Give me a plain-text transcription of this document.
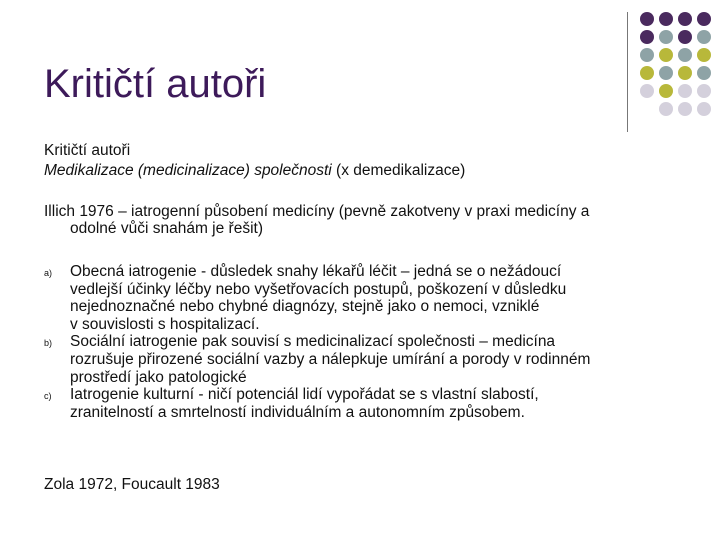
Kritičtí autoři
Kritičtí autoři
Medikalizace (medicinalizace) společnosti (x demedikalizace)
Illich 1976 – iatrogenní působení medicíny (pevně zakotveny v praxi medicíny a
odolné vůči snahám je řešit)
a) Obecná iatrogenie - důsledek snahy lékařů léčit – jedná se o nežádoucí
vedlejší účinky léčby nebo vyšetřovacích postupů, poškození v důsledku
nejednoznačné nebo chybné diagnózy, stejně jako o nemoci, vzniklé
v souvislosti s hospitalizací.
b) Sociální iatrogenie pak souvisí s medicinalizací společnosti – medicína
rozrušuje přirozené sociální vazby a nálepkuje umírání a porody v rodinném
prostředí jako patologické
c) Iatrogenie kulturní - ničí potenciál lidí vypořádat se s vlastní slabostí,
zranitelností a smrtelností individuálním a autonomním způsobem.
Zola 1972, Foucault 1983
